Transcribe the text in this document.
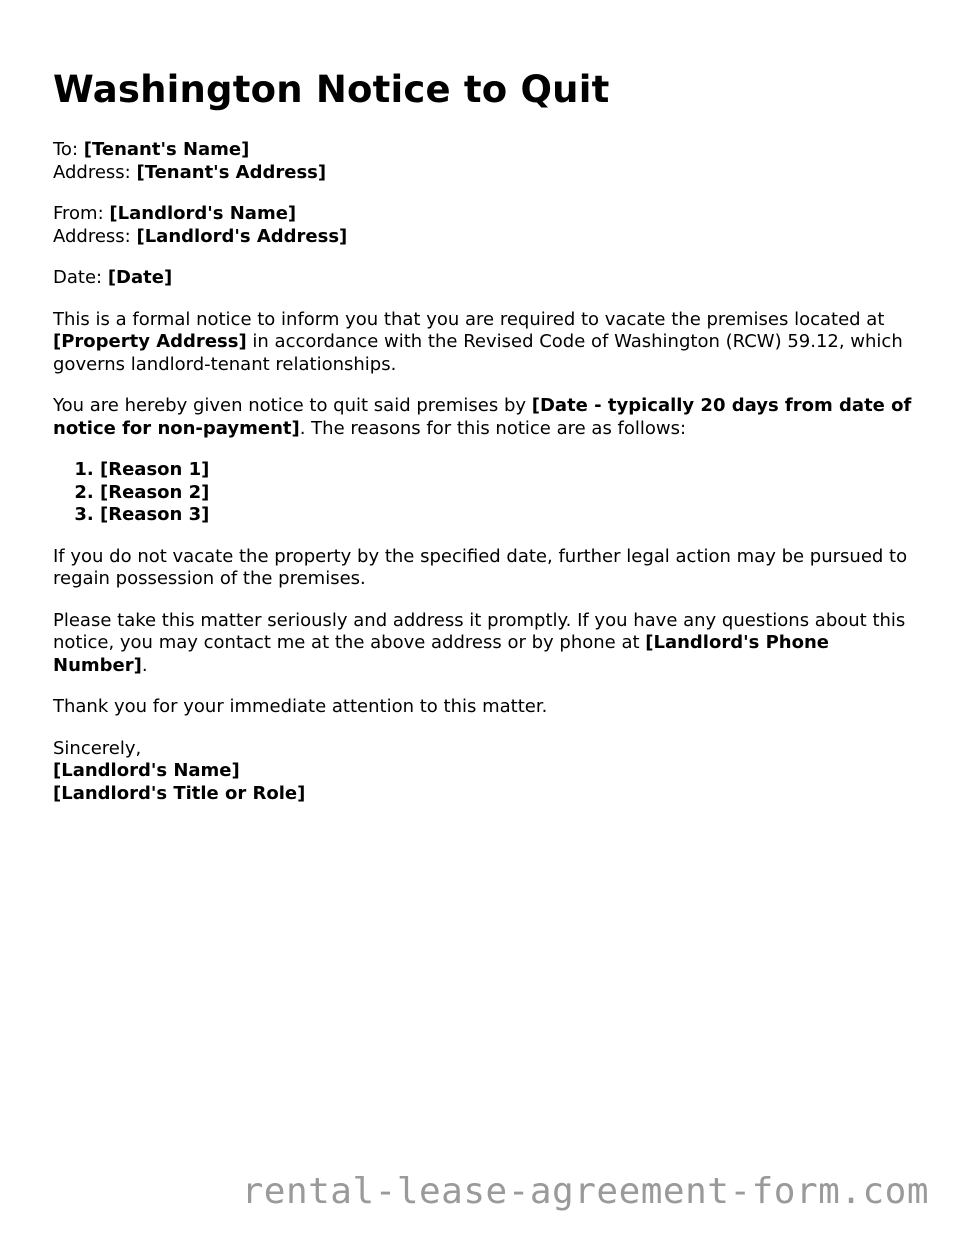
Washington Notice to Quit
To: [Tenant's Name]
Address: [Tenant's Address]
From: [Landlord's Name]
Address: [Landlord's Address]
Date: [Date]

This is a formal notice to inform you that you are required to vacate the premises located at [Property Address] in accordance with the Revised Code of Washington (RCW) 59.12, which governs landlord-tenant relationships.

You are hereby given notice to quit said premises by [Date - typically 20 days from date of notice for non-payment]. The reasons for this notice are as follows:

1. [Reason 1]
2. [Reason 2]
3. [Reason 3]

If you do not vacate the property by the specified date, further legal action may be pursued to regain possession of the premises.

Please take this matter seriously and address it promptly. If you have any questions about this notice, you may contact me at the above address or by phone at [Landlord's Phone Number].

Thank you for your immediate attention to this matter.

Sincerely,
[Landlord's Name]
[Landlord's Title or Role]
rental-lease-agreement-form.com
